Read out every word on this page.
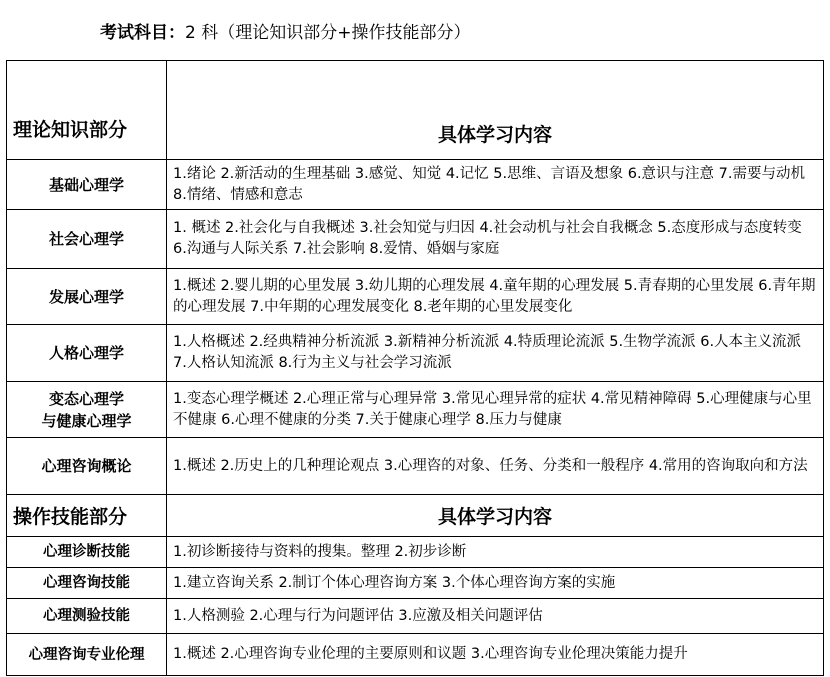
考试科目：2 科（理论知识部分+操作技能部分）
理论知识部分	具体学习内容
基础心理学	1.绪论 2.新活动的生理基础 3.感觉、知觉 4.记忆 5.思维、言语及想象 6.意识与注意 7.需要与动机 8.情绪、情感和意志
社会心理学	1. 概述 2.社会化与自我概述 3.社会知觉与归因 4.社会动机与社会自我概念 5.态度形成与态度转变 6.沟通与人际关系 7.社会影响 8.爱情、婚姻与家庭
发展心理学	1.概述 2.婴儿期的心里发展 3.幼儿期的心理发展 4.童年期的心理发展 5.青春期的心里发展 6.青年期的心理发展 7.中年期的心理发展变化 8.老年期的心里发展变化
人格心理学	1.人格概述 2.经典精神分析流派 3.新精神分析流派 4.特质理论流派 5.生物学流派 6.人本主义流派 7.人格认知流派 8.行为主义与社会学习流派

变态心理学
与健康心理学	1.变态心理学概述 2.心理正常与心理异常 3.常见心理异常的症状 4.常见精神障碍 5.心理健康与心里不健康 6.心理不健康的分类 7.关于健康心理学 8.压力与健康
心理咨询概论	1.概述 2.历史上的几种理论观点 3.心理咨的对象、任务、分类和一般程序 4.常用的咨询取向和方法
操作技能部分	具体学习内容
心理诊断技能	1.初诊断接待与资料的搜集。整理 2.初步诊断
心理咨询技能	1.建立咨询关系 2.制订个体心理咨询方案 3.个体心理咨询方案的实施
心理测验技能	1.人格测验 2.心理与行为问题评估 3.应激及相关问题评估
心理咨询专业伦理	1.概述 2.心理咨询专业伦理的主要原则和议题 3.心理咨询专业伦理决策能力提升
